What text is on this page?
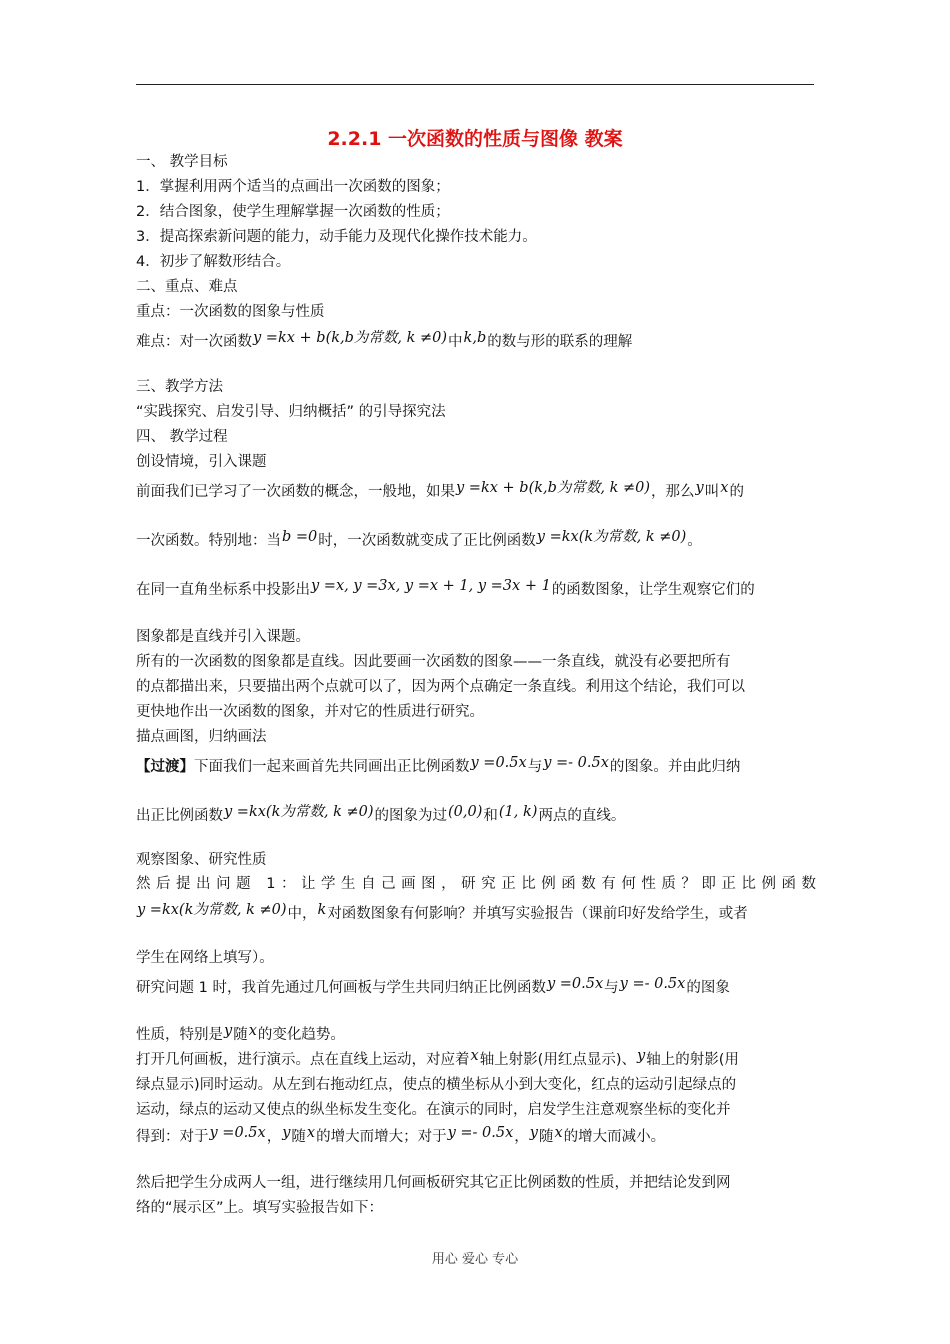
2.2.1 一次函数的性质与图像 教案
一、 教学目标
1．掌握利用两个适当的点画出一次函数的图象；
2．结合图象，使学生理解掌握一次函数的性质；
3．提高探索新问题的能力，动手能力及现代化操作技术能力。
4．初步了解数形结合。
二、重点、难点
重点：一次函数的图象与性质
难点：对一次函数y =kx + b(k,b为常数, k ≠0)中k,b的数与形的联系的理解
三、教学方法
“实践探究、启发引导、归纳概括” 的引导探究法
四、 教学过程
创设情境，引入课题
前面我们已学习了一次函数的概念，一般地，如果y =kx + b(k,b为常数, k ≠0)，那么y叫x的
一次函数。特别地：当b =0时，一次函数就变成了正比例函数y =kx(k为常数, k ≠0)。
在同一直角坐标系中投影出y =x, y =3x, y =x + 1, y =3x + 1的函数图象，让学生观察它们的
图象都是直线并引入课题。
所有的一次函数的图象都是直线。因此要画一次函数的图象——一条直线，就没有必要把所有
的点都描出来，只要描出两个点就可以了，因为两个点确定一条直线。利用这个结论，我们可以
更快地作出一次函数的图象，并对它的性质进行研究。
描点画图，归纳画法
【过渡】下面我们一起来画首先共同画出正比例函数y =0.5x与y =- 0.5x的图象。并由此归纳
出正比例函数y =kx(k为常数, k ≠0)的图象为过(0,0)和(1, k)两点的直线。
观察图象、研究性质
然后提出问题 1：让学生自己画图，研究正比例函数有何性质？即正比例函数
y =kx(k为常数, k ≠0)中，k对函数图象有何影响？并填写实验报告（课前印好发给学生，或者
学生在网络上填写）。
研究问题 1 时，我首先通过几何画板与学生共同归纳正比例函数y =0.5x与y =- 0.5x的图象
性质，特别是y随x的变化趋势。
打开几何画板，进行演示。点在直线上运动，对应着x轴上射影(用红点显示)、y轴上的射影(用
绿点显示)同时运动。从左到右拖动红点，使点的横坐标从小到大变化，红点的运动引起绿点的
运动，绿点的运动又使点的纵坐标发生变化。在演示的同时，启发学生注意观察坐标的变化并
得到：对于y =0.5x，y随x的增大而增大；对于y =- 0.5x，y随x的增大而减小。
然后把学生分成两人一组，进行继续用几何画板研究其它正比例函数的性质，并把结论发到网
络的“展示区”上。填写实验报告如下：
用心 爱心 专心
